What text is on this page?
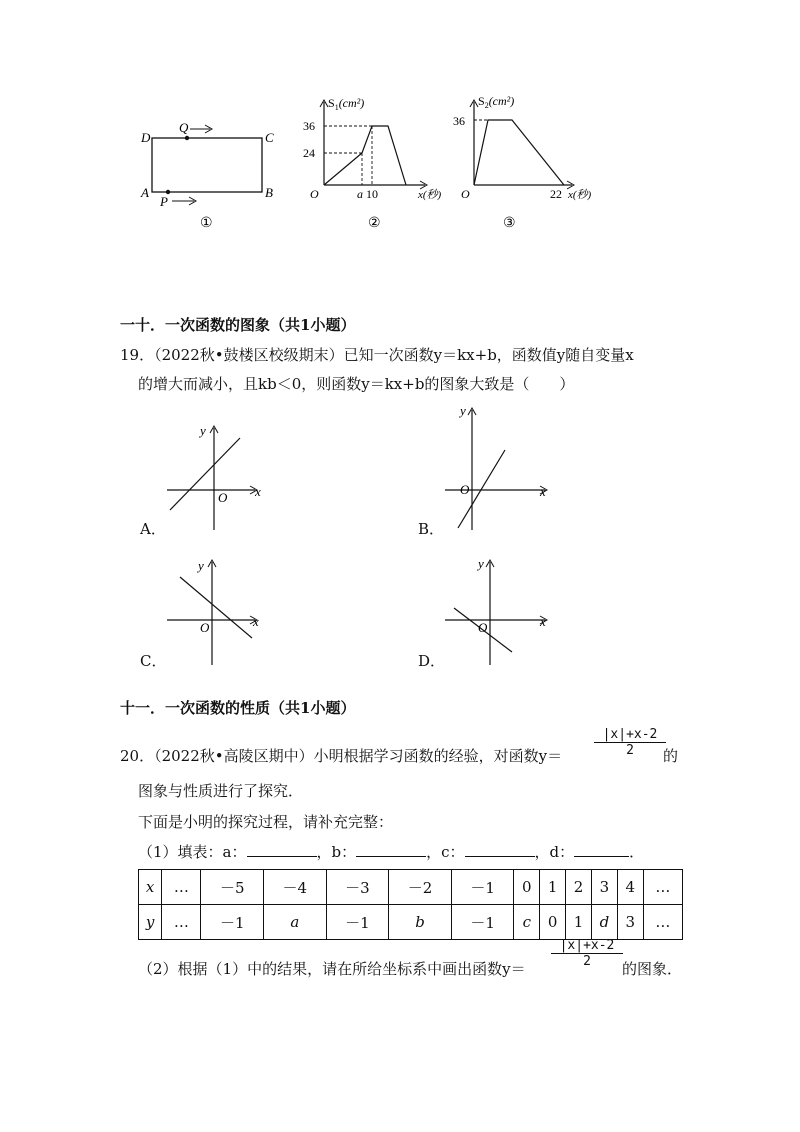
D
Q
C
A
P
B
①
$S_1(cm^2)$
36
24
O	a 10	x(秒)
②
$S_2(cm^2)$
36
O	22 x(秒)
③
一十．一次函数的图象（共1小题）
19．（2022秋•鼓楼区校级期末）已知一次函数y＝kx+b，函数值y随自变量x
的增大而减小，且kb＜0，则函数y＝kx+b的图象大致是（　　）
y
O x
y
O	x
y
O	x
y
O	x
A．	B．
C．	D．
十一．一次函数的性质（共1小题）
20．（2022秋•高陵区期中）小明根据学习函数的经验，对函数$y= \frac{|x|+x-2}{2}$
的
图象与性质进行了探究．
下面是小明的探究过程，请补充完整：
（1）填表：a：	，b：	，c：	，d：	．
x	…	－5	－4	－3	－2	－1	0	1	2	3	4	…
y	…	－1	a	－1	b	－1	c	0	1	d	3	…
（2）根据（1）中的结果，请在所给坐标系中画出函数$y= \frac{|x|+x-2}{2}$ 的图象．
